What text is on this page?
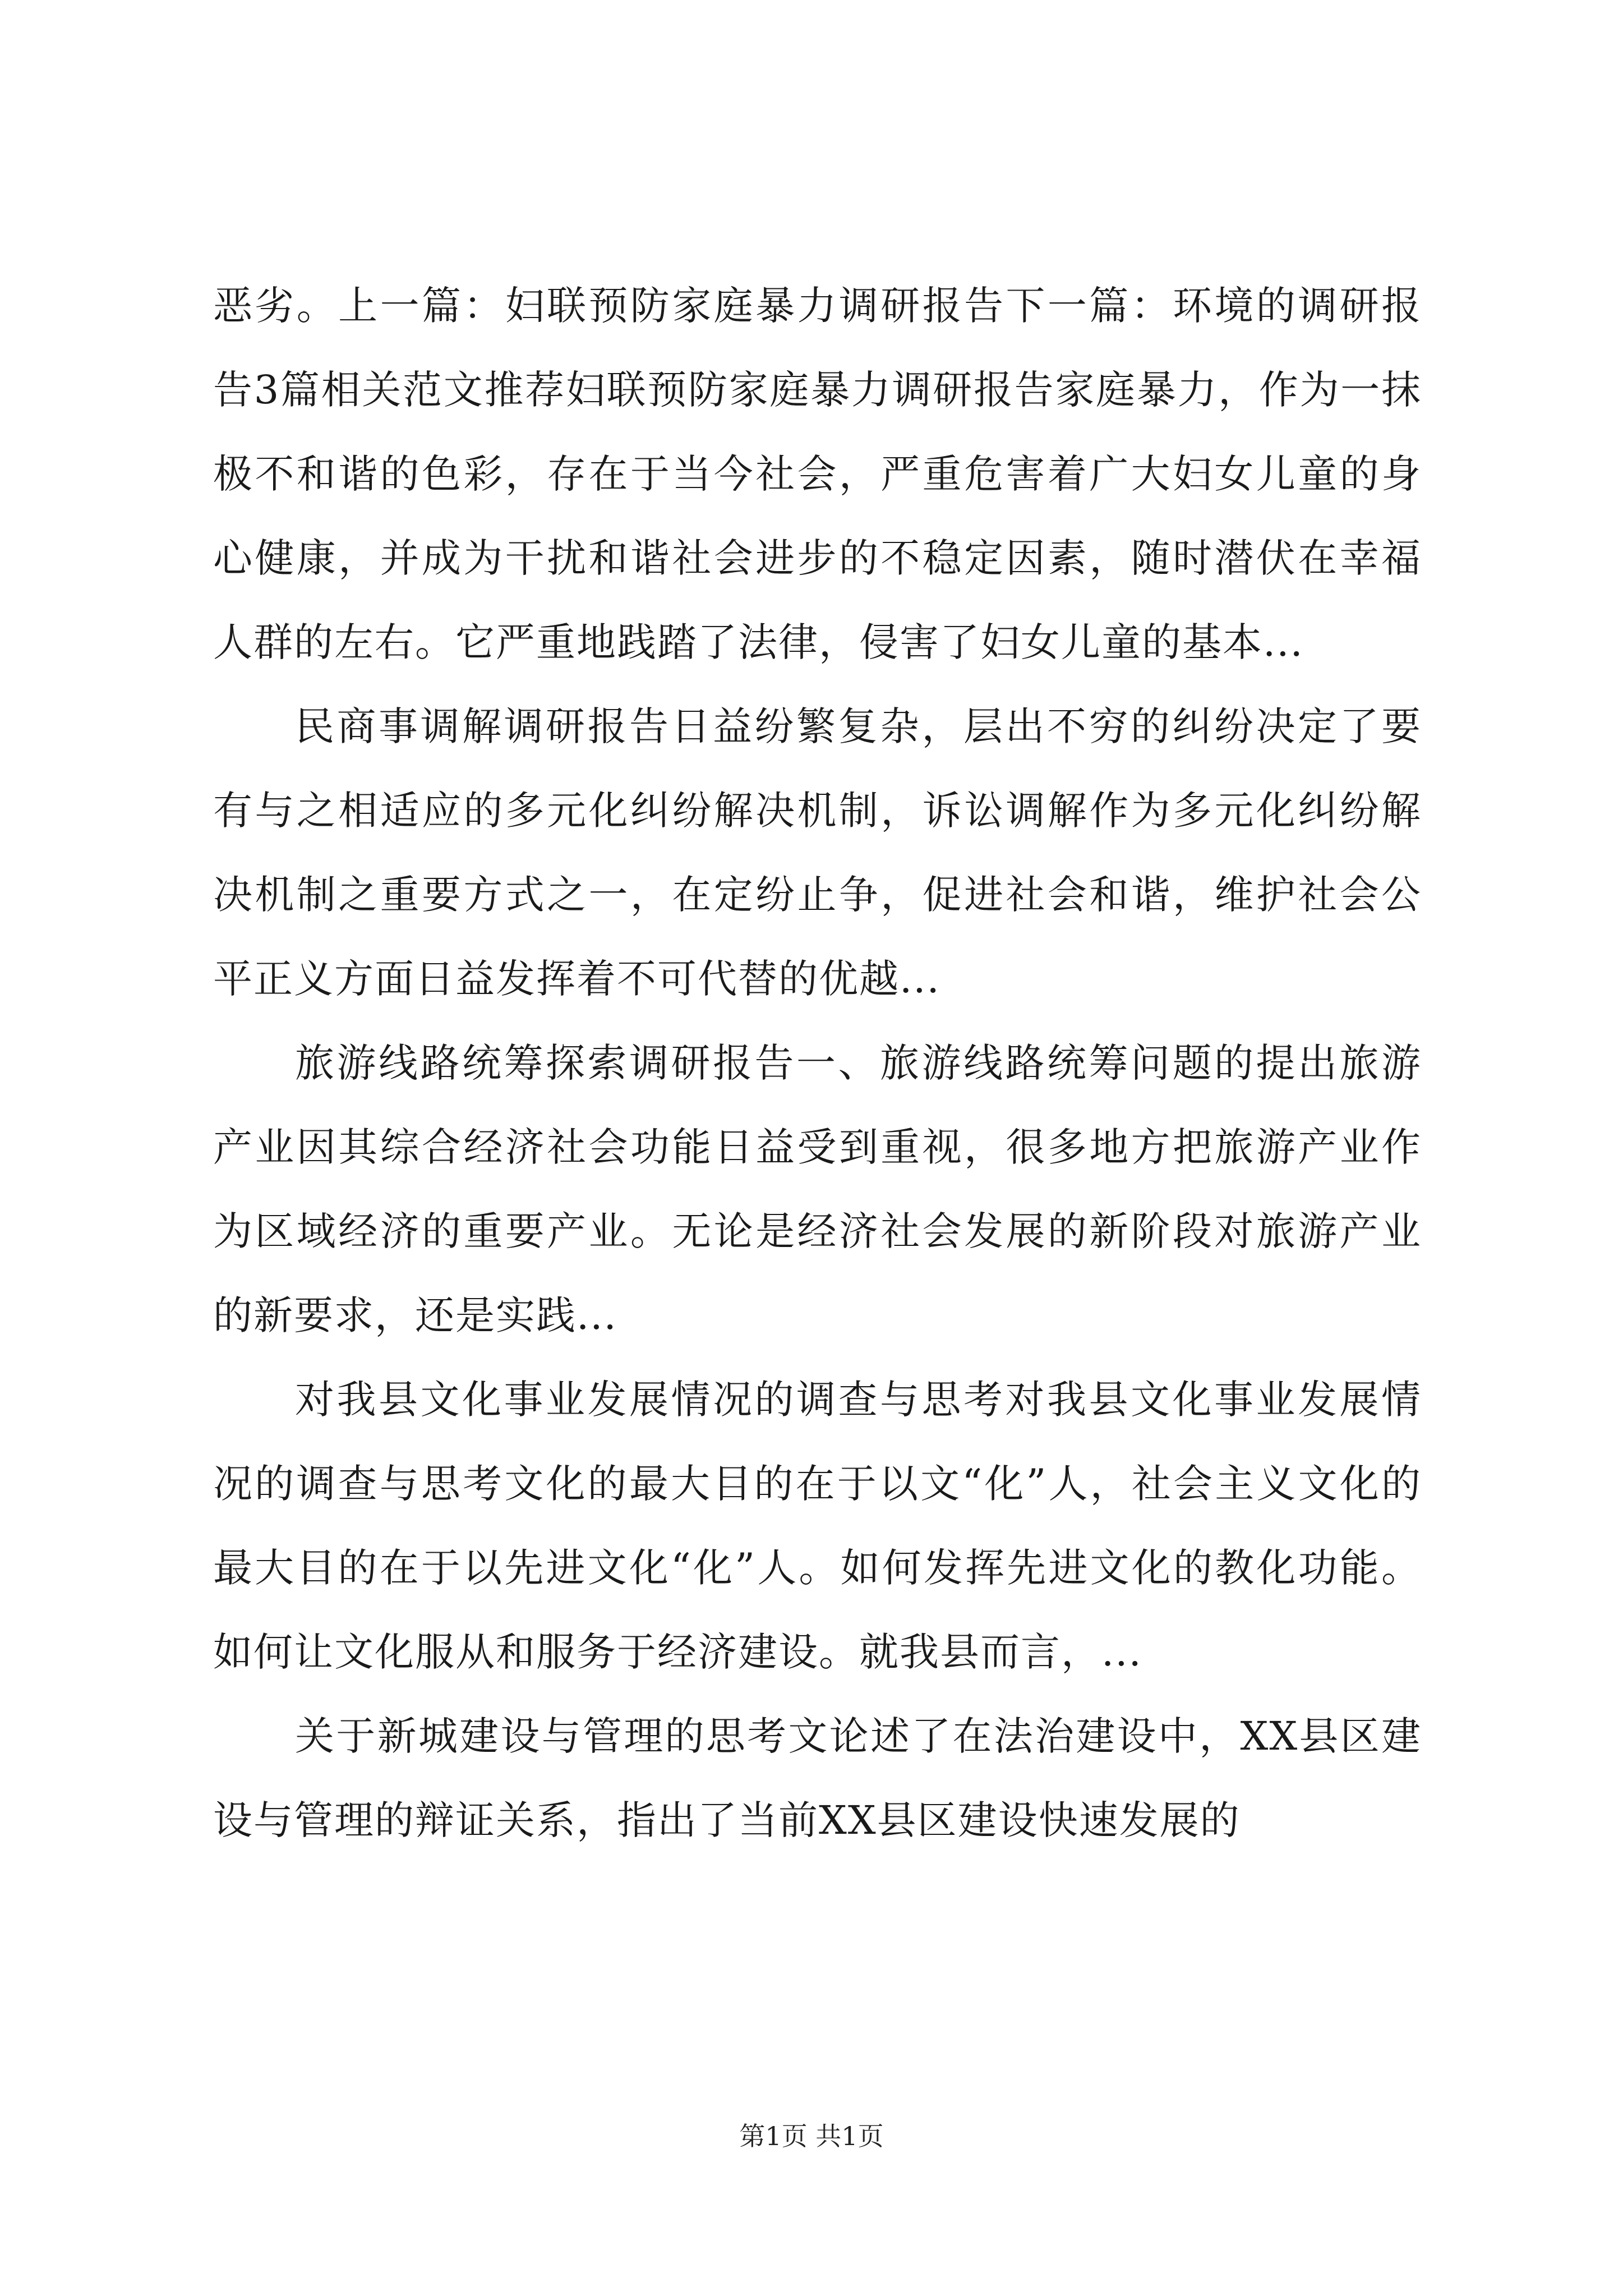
恶劣。上一篇：妇联预防家庭暴力调研报告下一篇：环境的调研报告3篇相关范文推荐妇联预防家庭暴力调研报告家庭暴力，作为一抹极不和谐的色彩，存在于当今社会，严重危害着广大妇女儿童的身心健康，并成为干扰和谐社会进步的不稳定因素，随时潜伏在幸福人群的左右。它严重地践踏了法律，侵害了妇女儿童的基本...

民商事调解调研报告日益纷繁复杂，层出不穷的纠纷决定了要有与之相适应的多元化纠纷解决机制，诉讼调解作为多元化纠纷解决机制之重要方式之一，在定纷止争，促进社会和谐，维护社会公平正义方面日益发挥着不可代替的优越...

旅游线路统筹探索调研报告一、旅游线路统筹问题的提出旅游产业因其综合经济社会功能日益受到重视，很多地方把旅游产业作为区域经济的重要产业。无论是经济社会发展的新阶段对旅游产业的新要求，还是实践...

对我县文化事业发展情况的调查与思考对我县文化事业发展情况的调查与思考文化的最大目的在于以文“化”人，社会主义文化的最大目的在于以先进文化“化”人。如何发挥先进文化的教化功能。如何让文化服从和服务于经济建设。就我县而言，...

关于新城建设与管理的思考文论述了在法治建设中，XX县区建设与管理的辩证关系，指出了当前XX县区建设快速发展的

第1页 共1页
